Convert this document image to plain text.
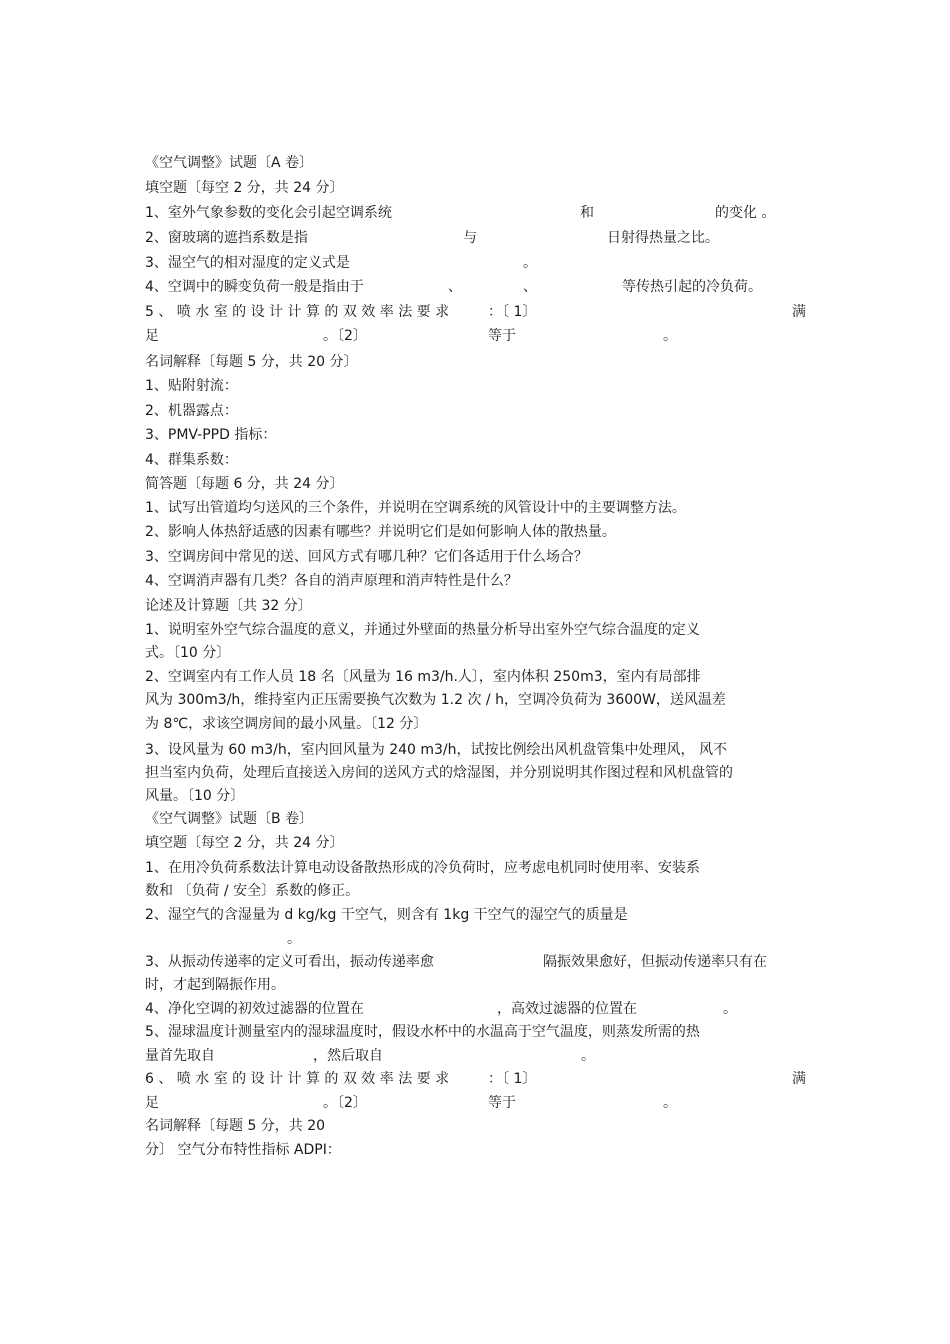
《空气调整》试题〔A 卷〕
填空题〔每空 2 分，共 24 分〕
1、室外气象参数的变化会引起空调系统	和	的变化 。
2、窗玻璃的遮挡系数是指	与	日射得热量之比。
3、湿空气的相对湿度的定义式是	。
4、空调中的瞬变负荷一般是指由于	、	、	等传热引起的冷负荷。
5 、 喷 水 室 的 设 计 计 算 的 双 效 率 法 要 求	：〔 1〕	满
足	。〔2〕	等于	。
名词解释〔每题 5 分，共 20 分〕
1、贴附射流：
2、机器露点：
3、PMV-PPD 指标：
4、群集系数：
简答题〔每题 6 分，共 24 分〕
1、试写出管道均匀送风的三个条件，并说明在空调系统的风管设计中的主要调整方法。
2、影响人体热舒适感的因素有哪些？并说明它们是如何影响人体的散热量。
3、空调房间中常见的送、回风方式有哪几种？它们各适用于什么场合？
4、空调消声器有几类？各自的消声原理和消声特性是什么？
论述及计算题〔共 32 分〕
1、说明室外空气综合温度的意义，并通过外壁面的热量分析导出室外空气综合温度的定义
式。〔10 分〕
2、空调室内有工作人员 18 名〔风量为 16 m3/h.人〕，室内体积 250m3，室内有局部排
风为 300m3/h，维持室内正压需要换气次数为 1.2 次 / h，空调冷负荷为 3600W，送风温差
为 8℃，求该空调房间的最小风量。〔12 分〕
3、设风量为 60 m3/h，室内回风量为 240 m3/h，试按比例绘出风机盘管集中处理风， 风不
担当室内负荷，处理后直接送入房间的送风方式的焓湿图，并分别说明其作图过程和风机盘管的
风量。〔10 分〕
《空气调整》试题〔B 卷〕
填空题〔每空 2 分，共 24 分〕
1、在用冷负荷系数法计算电动设备散热形成的冷负荷时，应考虑电机同时使用率、安装系
数和 〔负荷 / 安全〕系数的修正。
2、湿空气的含湿量为 d kg/kg 干空气，则含有 1kg 干空气的湿空气的质量是
。
3、从振动传递率的定义可看出，振动传递率愈	隔振效果愈好，但振动传递率只有在
时，才起到隔振作用。
4、净化空调的初效过滤器的位置在	，高效过滤器的位置在	。
5、湿球温度计测量室内的湿球温度时，假设水杯中的水温高于空气温度，则蒸发所需的热
量首先取自	，然后取自	。
6 、 喷 水 室 的 设 计 计 算 的 双 效 率 法 要 求	：〔 1〕	满
足	。〔2〕	等于	。
名词解释〔每题 5 分，共 20
分〕 空气分布特性指标 ADPI：
